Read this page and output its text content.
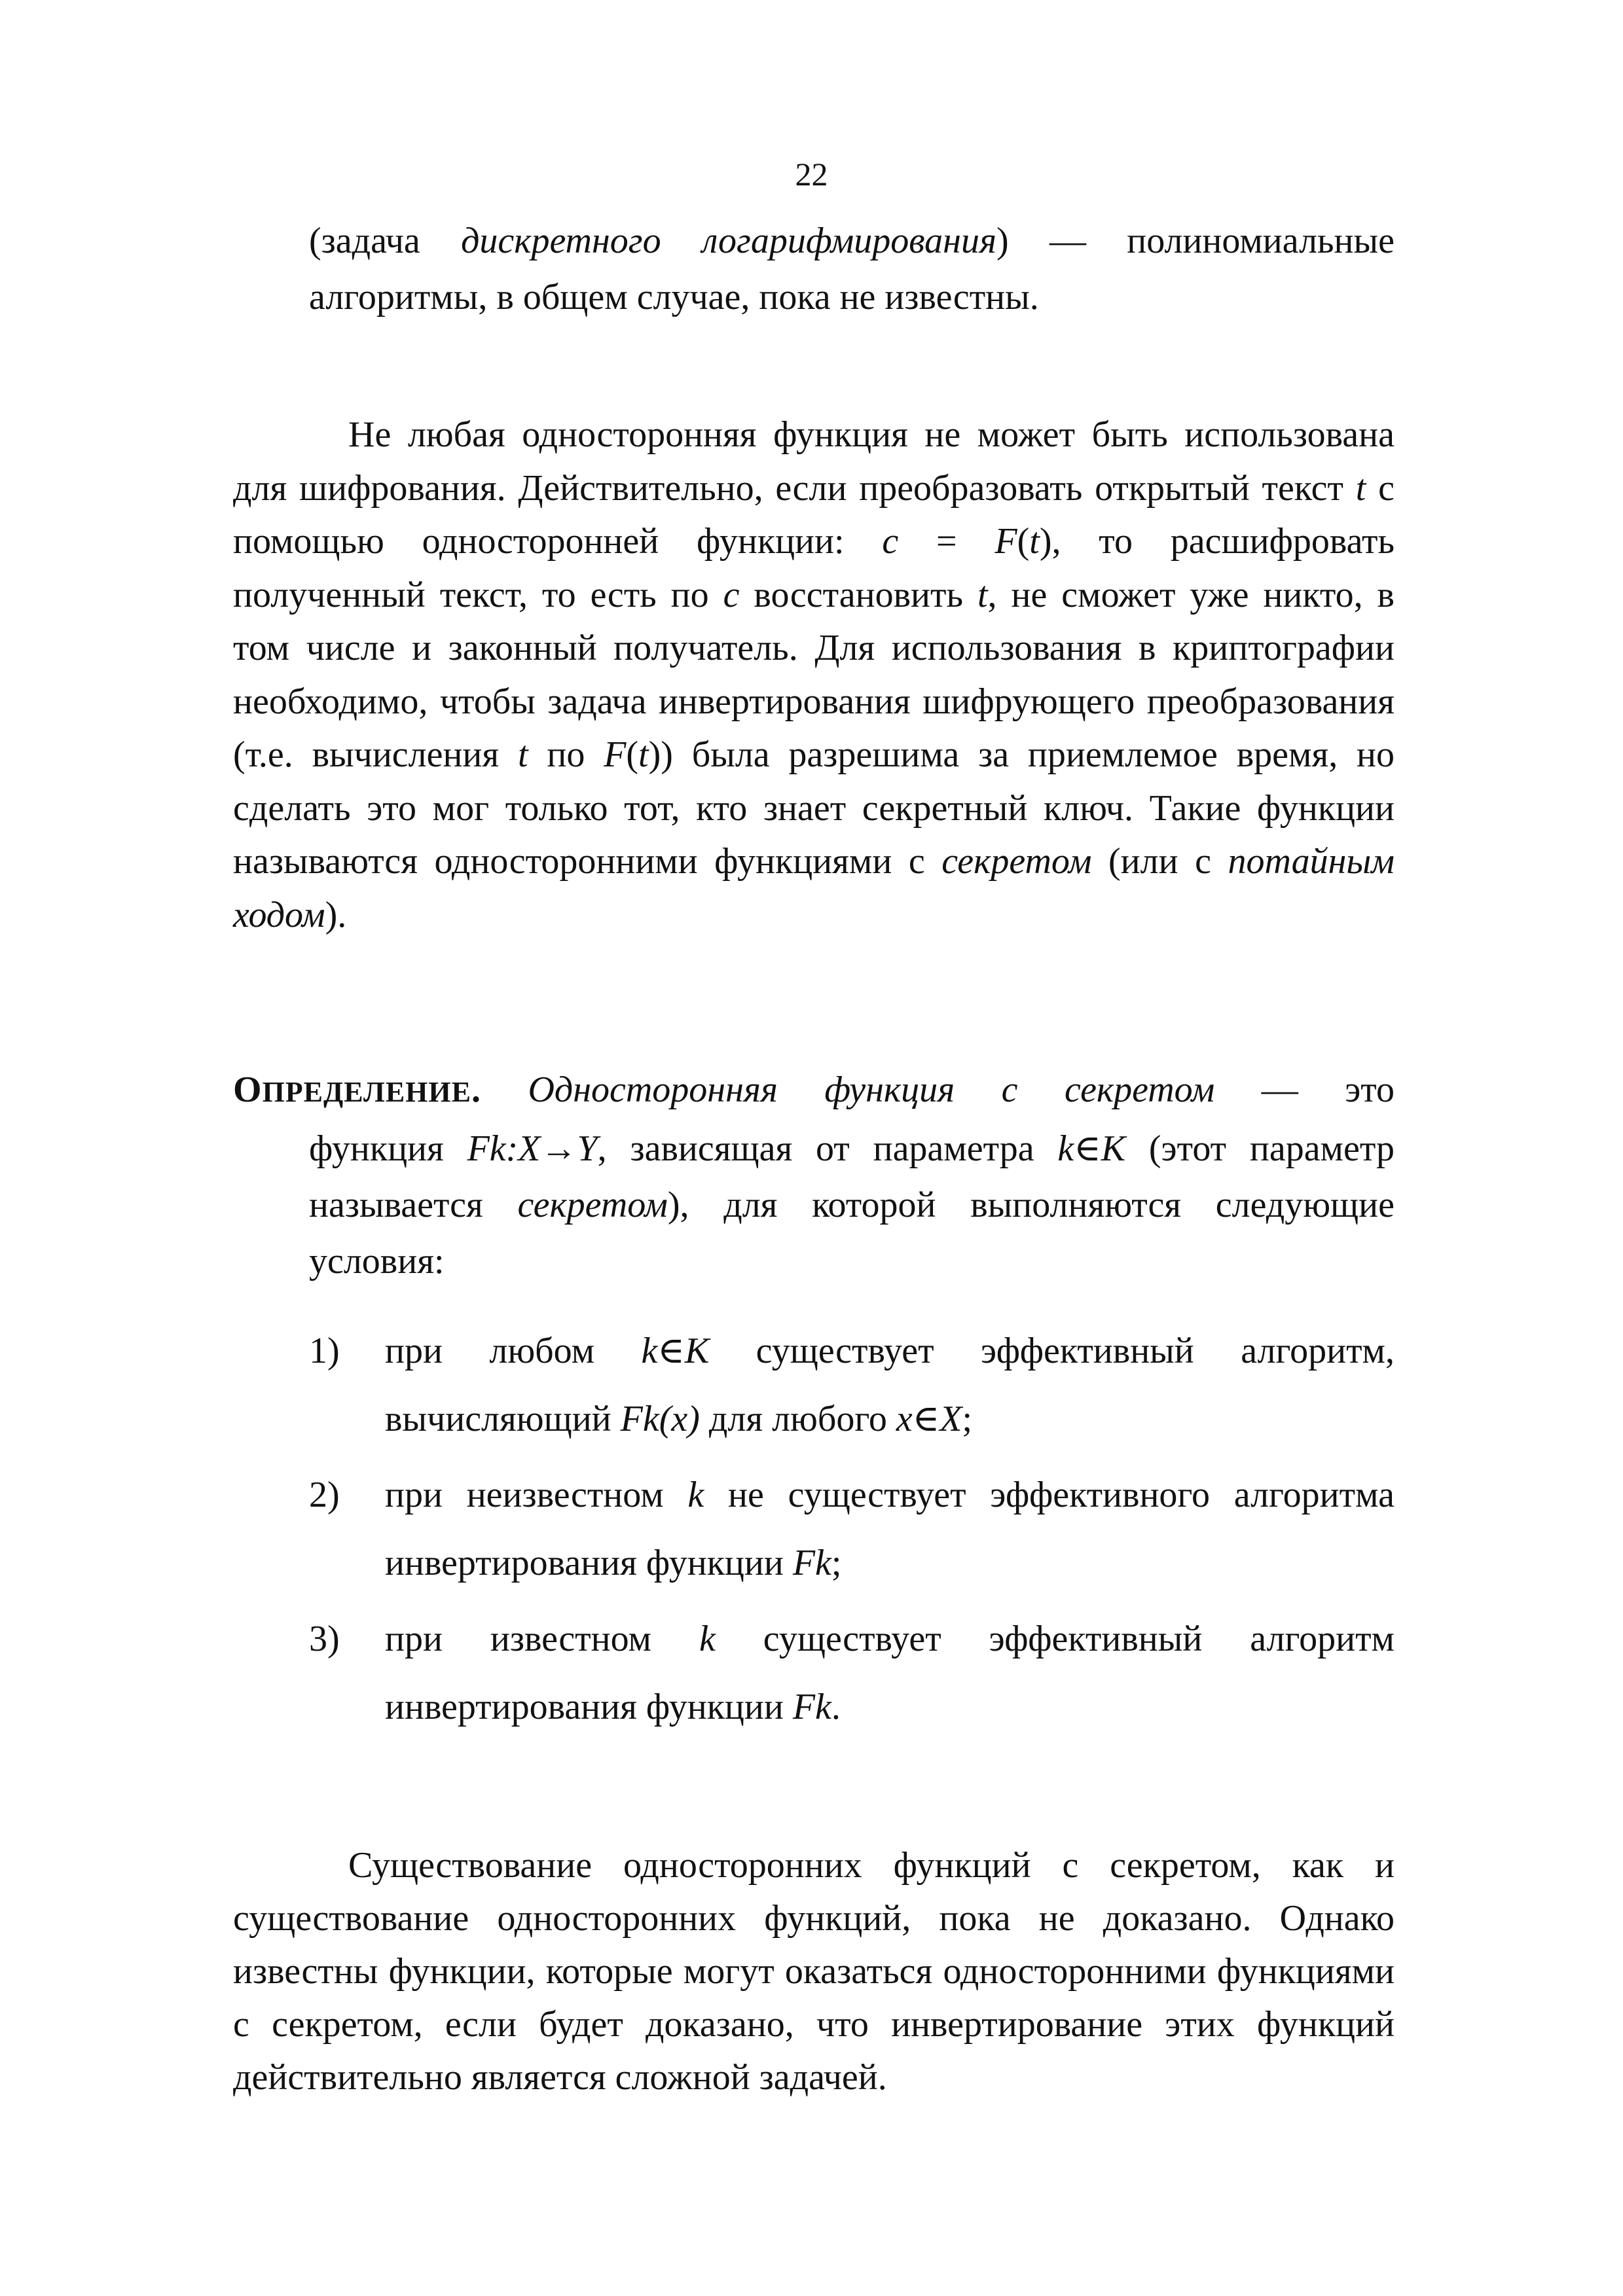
22
(задача дискретного логарифмирования) — полиномиальные алгоритмы, в общем случае, пока не известны.
Не любая односторонняя функция не может быть использована для шифрования. Действительно, если преобразовать открытый текст t с помощью односторонней функции: c = F(t), то расшифровать полученный текст, то есть по c восстановить t, не сможет уже никто, в том числе и законный получатель. Для использования в криптографии необходимо, чтобы задача инвертирования шифрующего преобразования (т.е. вычисления t по F(t)) была разрешима за приемлемое время, но сделать это мог только тот, кто знает секретный ключ. Такие функции называются односторонними функциями с секретом (или с потайным ходом).
ОПРЕДЕЛЕНИЕ. Односторонняя функция с секретом — это
функция Fk:X→Y, зависящая от параметра k∈K (этот параметр называется секретом), для которой выполняются следующие условия:
1)	при любом k∈K существует эффективный алгоритм, вычисляющий Fk(x) для любого x∈X;
2)	при неизвестном k не существует эффективного алгоритма инвертирования функции Fk;
3)	при известном k существует эффективный алгоритм инвертирования функции Fk.
Существование односторонних функций с секретом, как и существование односторонних функций, пока не доказано. Однако известны функции, которые могут оказаться односторонними функциями с секретом, если будет доказано, что инвертирование этих функций действительно является сложной задачей.
